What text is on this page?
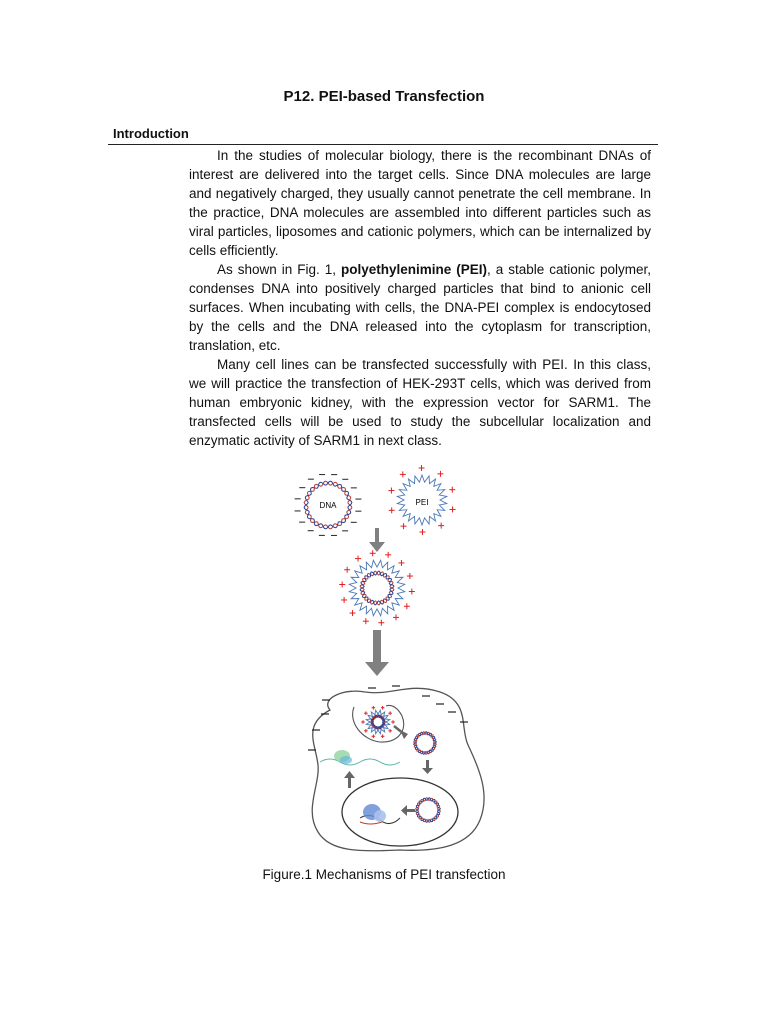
P12. PEI-based Transfection
Introduction

In the studies of molecular biology, there is the recombinant DNAs of interest are delivered into the target cells. Since DNA molecules are large and negatively charged, they usually cannot penetrate the cell membrane. In the practice, DNA molecules are assembled into different particles such as viral particles, liposomes and cationic polymers, which can be internalized by cells efficiently.

As shown in Fig. 1, polyethylenimine (PEI), a stable cationic polymer, condenses DNA into positively charged particles that bind to anionic cell surfaces. When incubating with cells, the DNA-PEI complex is endocytosed by the cells and the DNA released into the cytoplasm for transcription, translation, etc.

Many cell lines can be transfected successfully with PEI. In this class, we will practice the transfection of HEK-293T cells, which was derived from human embryonic kidney, with the expression vector for SARM1. The transfected cells will be used to study the subcellular localization and enzymatic activity of SARM1 in next class.

DNA	PEI
Figure.1 Mechanisms of PEI transfection
